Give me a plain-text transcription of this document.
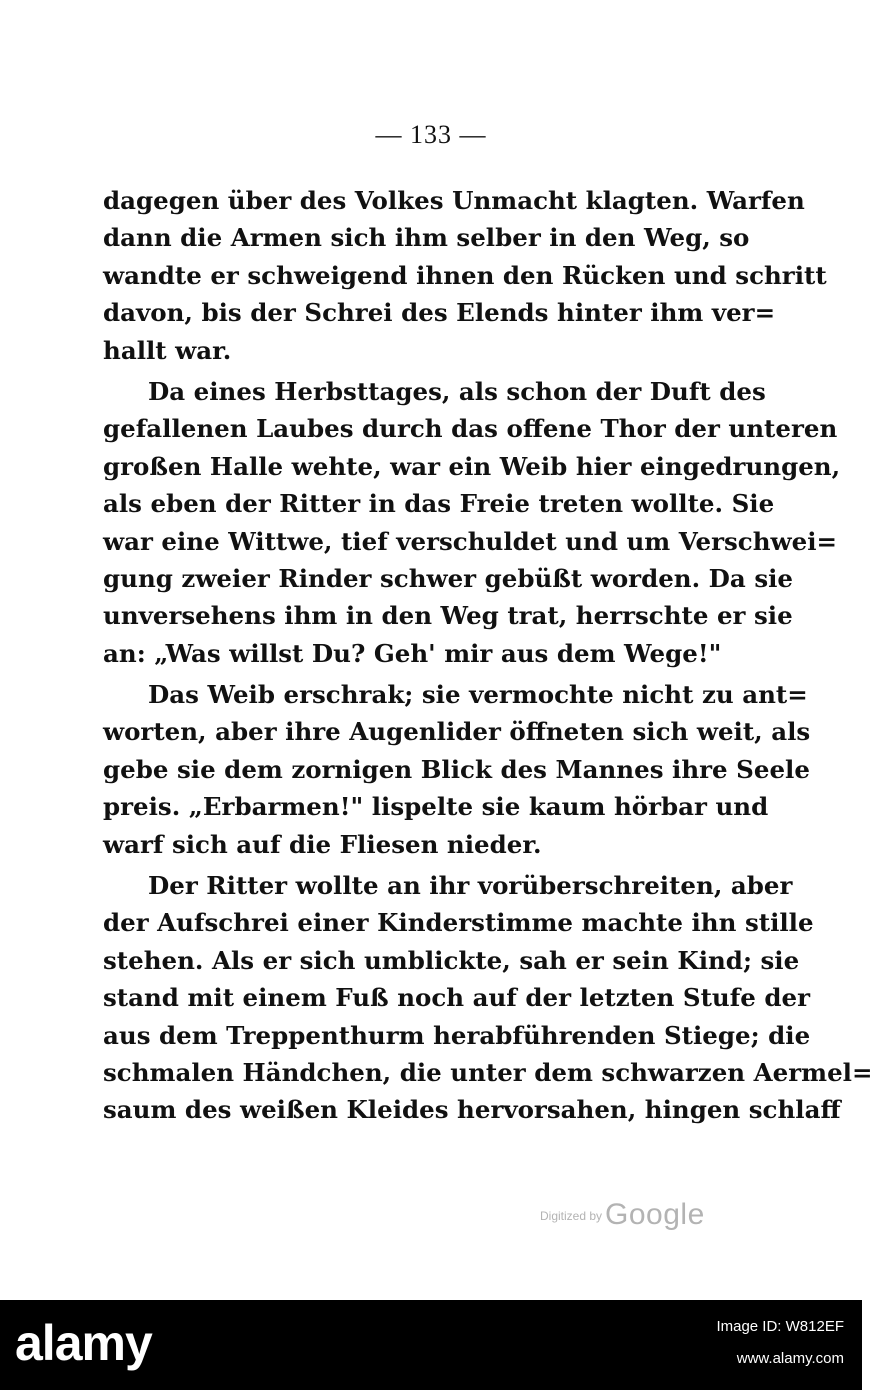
— 133 —
dagegen über des Volkes Unmacht klagten. Warfen
dann die Armen sich ihm selber in den Weg, so
wandte er schweigend ihnen den Rücken und schritt
davon, bis der Schrei des Elends hinter ihm ver=
hallt war.
Da eines Herbsttages, als schon der Duft des
gefallenen Laubes durch das offene Thor der unteren
großen Halle wehte, war ein Weib hier eingedrungen,
als eben der Ritter in das Freie treten wollte. Sie
war eine Wittwe, tief verschuldet und um Verschwei=
gung zweier Rinder schwer gebüßt worden. Da sie
unversehens ihm in den Weg trat, herrschte er sie
an: „Was willst Du? Geh' mir aus dem Wege!"
Das Weib erschrak; sie vermochte nicht zu ant=
worten, aber ihre Augenlider öffneten sich weit, als
gebe sie dem zornigen Blick des Mannes ihre Seele
preis. „Erbarmen!" lispelte sie kaum hörbar und
warf sich auf die Fliesen nieder.
Der Ritter wollte an ihr vorüberschreiten, aber
der Aufschrei einer Kinderstimme machte ihn stille
stehen. Als er sich umblickte, sah er sein Kind; sie
stand mit einem Fuß noch auf der letzten Stufe der
aus dem Treppenthurm herabführenden Stiege; die
schmalen Händchen, die unter dem schwarzen Aermel=
saum des weißen Kleides hervorsahen, hingen schlaff
$^{Digitized by}$ Google
alamy	Image ID: W812EF
www.alamy.com
